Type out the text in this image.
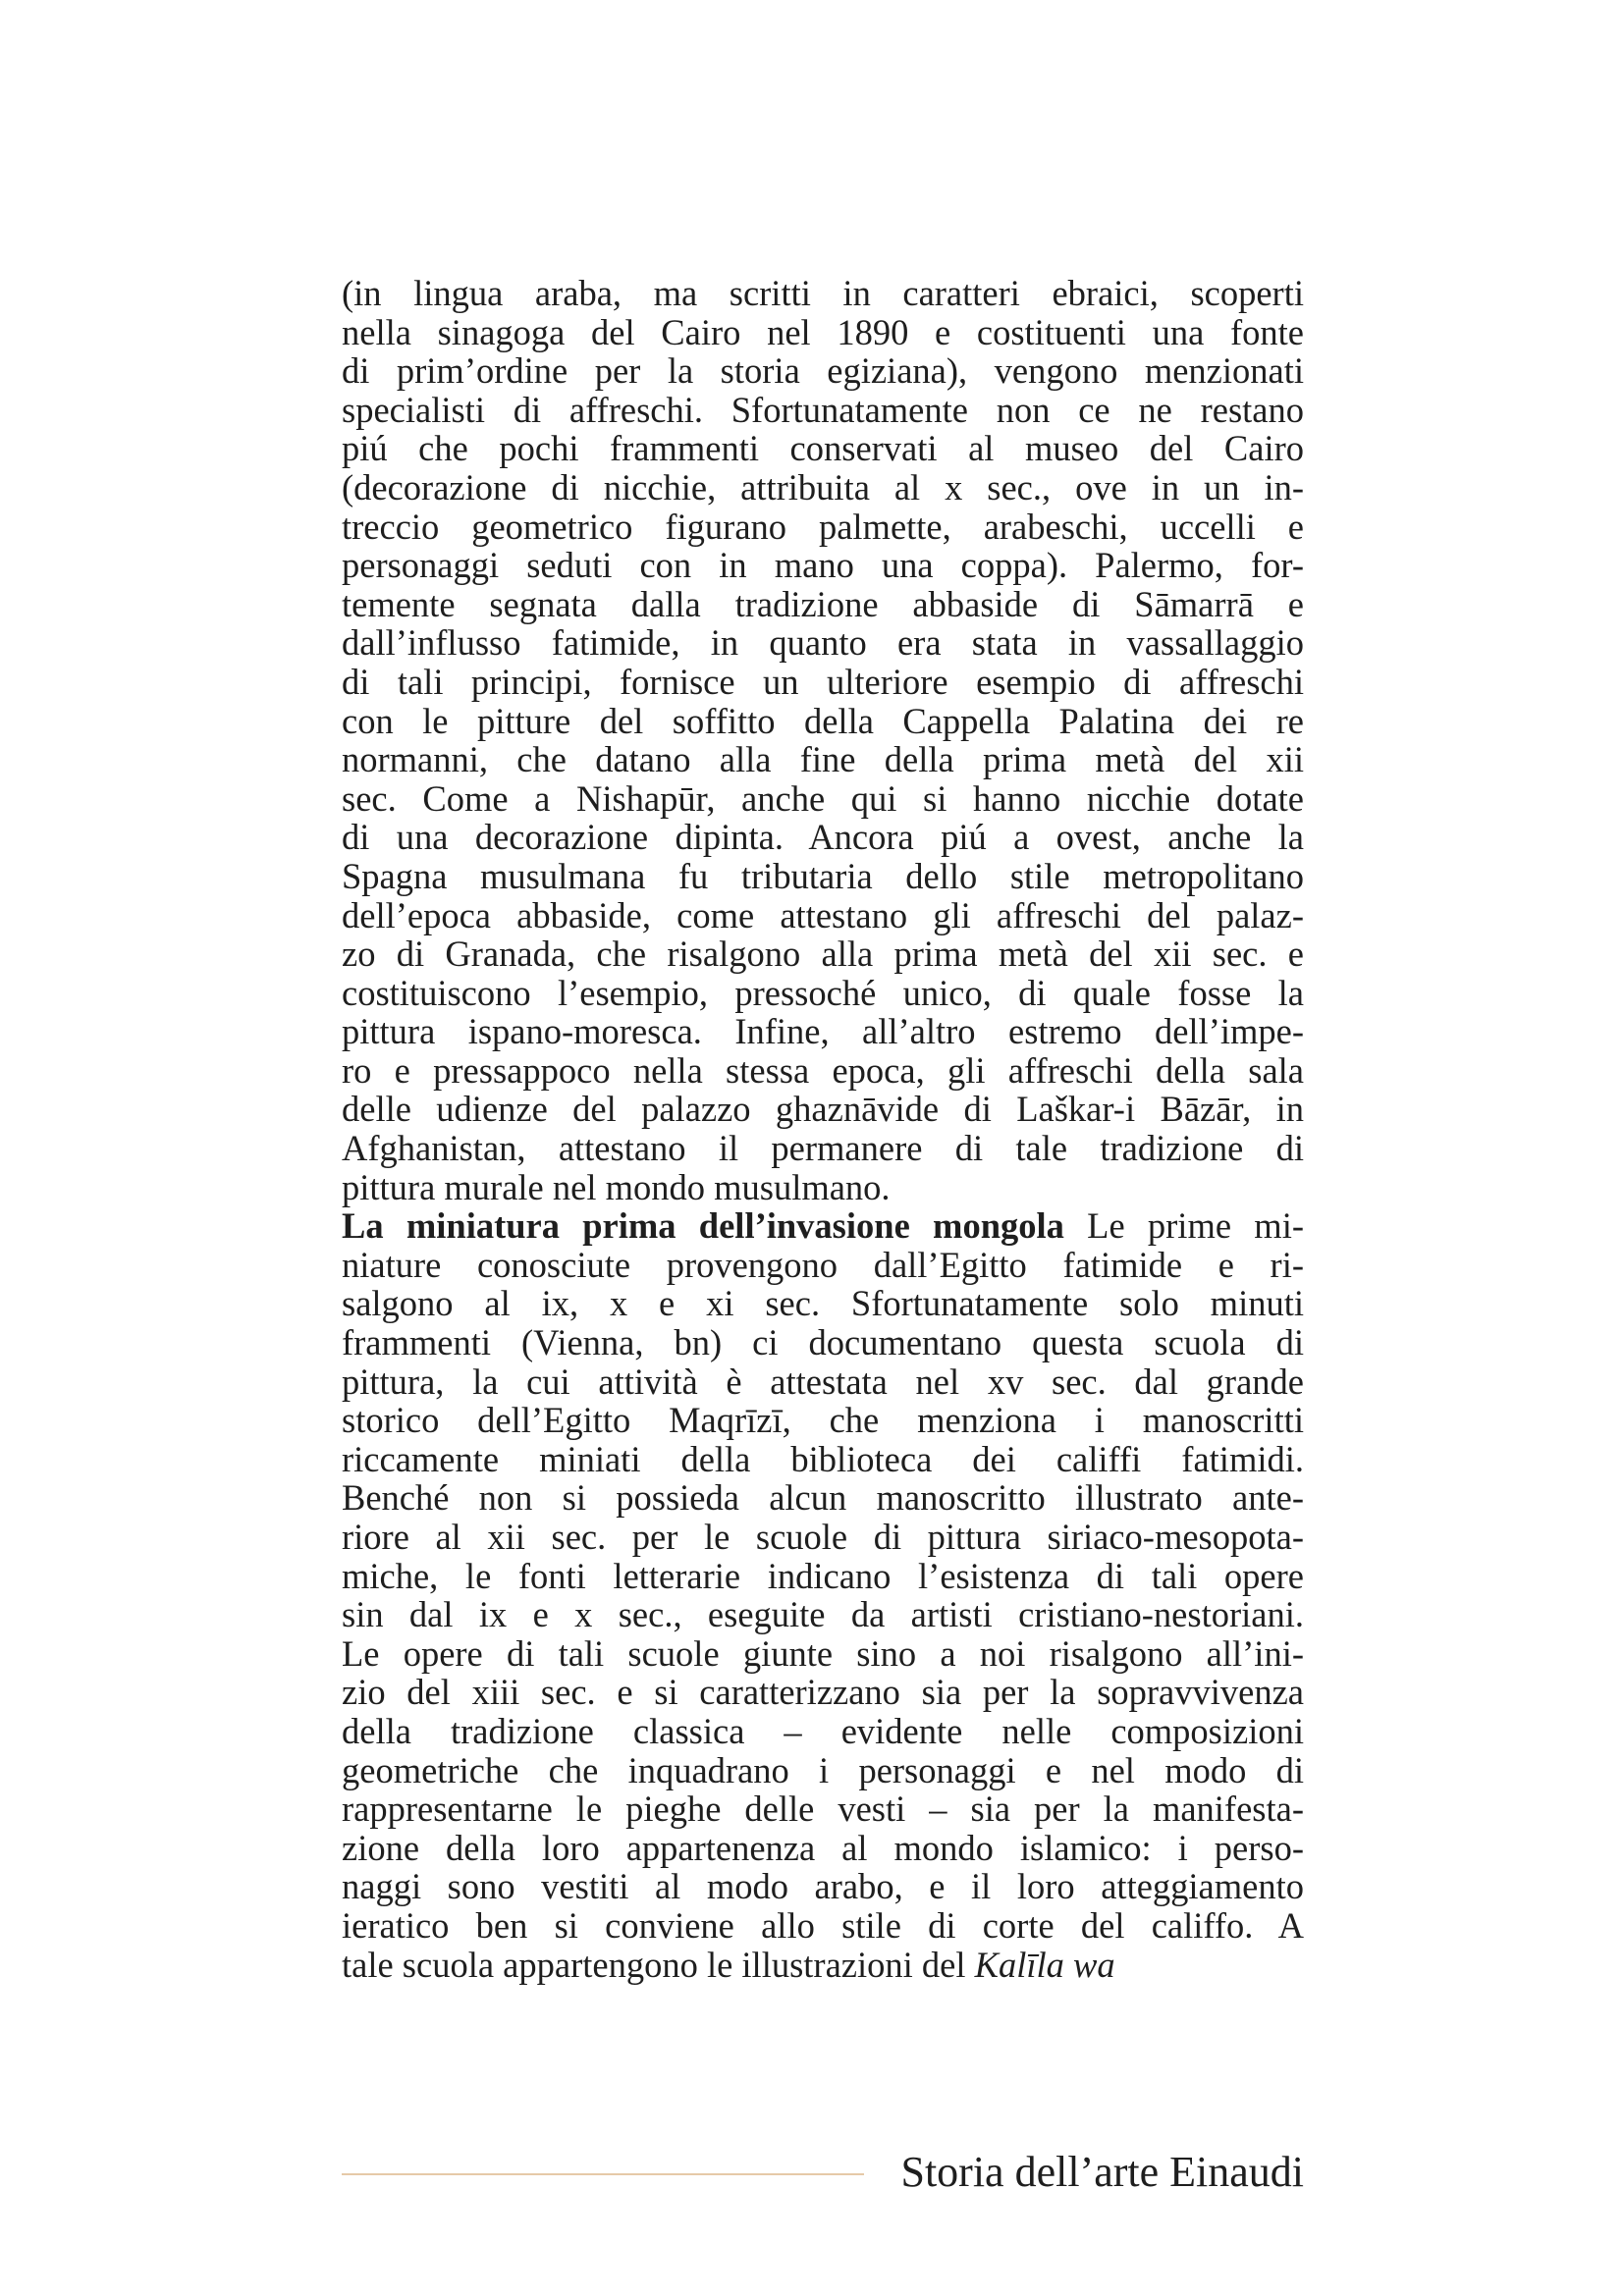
(in lingua araba, ma scritti in caratteri ebraici, scoperti
nella sinagoga del Cairo nel 1890 e costituenti una fonte
di prim’ordine per la storia egiziana), vengono menzionati
specialisti di affreschi. Sfortunatamente non ce ne restano
piú che pochi frammenti conservati al museo del Cairo
(decorazione di nicchie, attribuita al x sec., ove in un in-
treccio geometrico figurano palmette, arabeschi, uccelli e
personaggi seduti con in mano una coppa). Palermo, for-
temente segnata dalla tradizione abbaside di Sāmarrā e
dall’influsso fatimide, in quanto era stata in vassallaggio
di tali principi, fornisce un ulteriore esempio di affreschi
con le pitture del soffitto della Cappella Palatina dei re
normanni, che datano alla fine della prima metà del xii
sec. Come a Nishapūr, anche qui si hanno nicchie dotate
di una decorazione dipinta. Ancora piú a ovest, anche la
Spagna musulmana fu tributaria dello stile metropolitano
dell’epoca abbaside, come attestano gli affreschi del palaz-
zo di Granada, che risalgono alla prima metà del xii sec. e
costituiscono l’esempio, pressoché unico, di quale fosse la
pittura ispano-moresca. Infine, all’altro estremo dell’impe-
ro e pressappoco nella stessa epoca, gli affreschi della sala
delle udienze del palazzo ghaznāvide di Laškar-i Bāzār, in
Afghanistan, attestano il permanere di tale tradizione di
pittura murale nel mondo musulmano.
La miniatura prima dell’invasione mongola Le prime mi-
niature conosciute provengono dall’Egitto fatimide e ri-
salgono al ix, x e xi sec. Sfortunatamente solo minuti
frammenti (Vienna, bn) ci documentano questa scuola di
pittura, la cui attività è attestata nel xv sec. dal grande
storico dell’Egitto Maqrīzī, che menziona i manoscritti
riccamente miniati della biblioteca dei califfi fatimidi.
Benché non si possieda alcun manoscritto illustrato ante-
riore al xii sec. per le scuole di pittura siriaco-mesopota-
miche, le fonti letterarie indicano l’esistenza di tali opere
sin dal ix e x sec., eseguite da artisti cristiano-nestoriani.
Le opere di tali scuole giunte sino a noi risalgono all’ini-
zio del xiii sec. e si caratterizzano sia per la sopravvivenza
della tradizione classica – evidente nelle composizioni
geometriche che inquadrano i personaggi e nel modo di
rappresentarne le pieghe delle vesti – sia per la manifesta-
zione della loro appartenenza al mondo islamico: i perso-
naggi sono vestiti al modo arabo, e il loro atteggiamento
ieratico ben si conviene allo stile di corte del califfo. A
tale scuola appartengono le illustrazioni del Kalīla wa
Storia dell’arte Einaudi
